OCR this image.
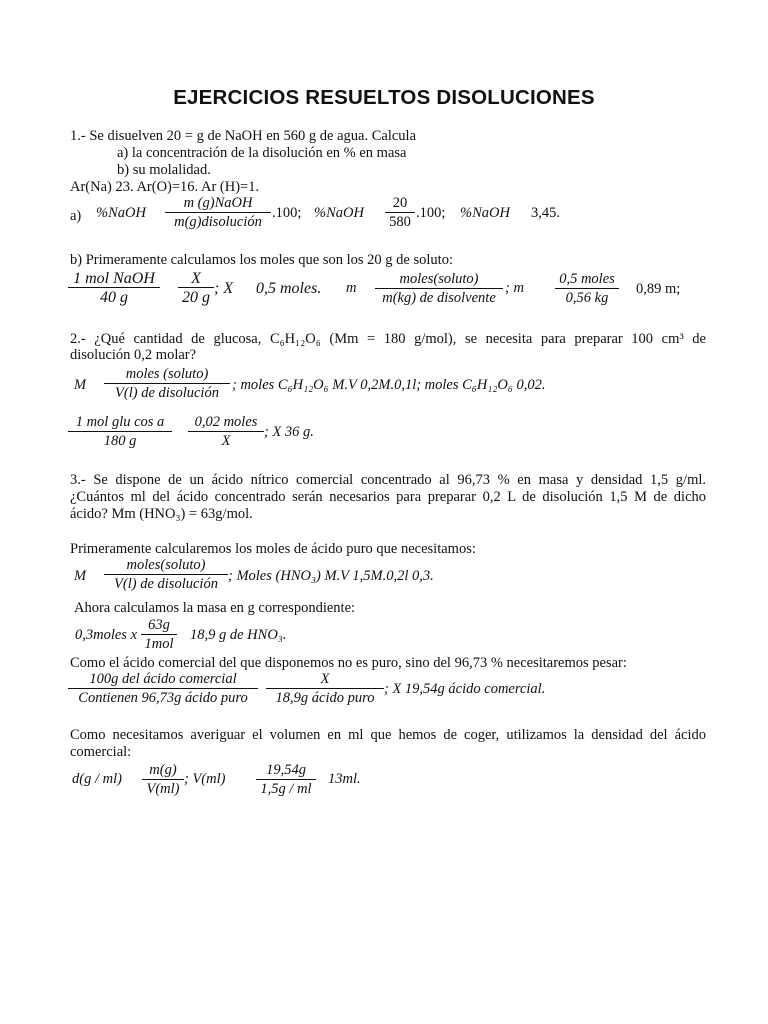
EJERCICIOS RESUELTOS DISOLUCIONES
1.- Se disuelven 20 = g de NaOH en 560 g de agua. Calcula
a) la concentración de la disolución en % en masa
b) su molalidad.
Ar(Na) 23. Ar(O)=16. Ar (H)=1.
a) %NaOH
m (g)NaOH
m(g)disolución
.100; %NaOH
20
580
.100; %NaOH 3,45.
b) Primeramente calculamos los moles que son los 20 g de soluto:
1 mol NaOH
40 g
X
20 g
; X 0,5 moles. m
moles(soluto)
m(kg) de disolvente
; m
0,5 moles
0,56 kg
0,89 m;
2.- ¿Qué cantidad de glucosa, C₆H₁₂O₆ (Mm = 180 g/mol), se necesita para preparar 100 cm³ de
disolución 0,2 molar?
M
moles (soluto)
V(l) de disolución ; moles C₆H₁₂O₆ M.V 0,2M.0,1l; moles C₆H₁₂O₆ 0,02.
1 mol glu cos a
180 g
0,02 moles
X
; X 36 g.
3.- Se dispone de un ácido nítrico comercial concentrado al 96,73 % en masa y densidad 1,5 g/ml.
¿Cuántos ml del ácido concentrado serán necesarios para preparar 0,2 L de disolución 1,5 M de dicho
ácido? Mm (HNO₃) = 63g/mol.
Primeramente calcularemos los moles de ácido puro que necesitamos:
M
moles(soluto)
V(l) de disolución ; Moles (HNO₃) M.V 1,5M.0,2l 0,3.
Ahora calculamos la masa en g correspondiente:
0,3moles x
63g
1mol
18,9 g de HNO₃.
Como el ácido comercial del que disponemos no es puro, sino del 96,73 % necesitaremos pesar:
100g del ácido comercial
Contienen 96,73g ácido puro
X
18,9g ácido puro
; X 19,54g ácido comercial.
Como necesitamos averiguar el volumen en ml que hemos de coger, utilizamos la densidad del ácido
comercial:
d(g / ml)
m(g)
V(ml)
; V(ml)
19,54g
1,5g / ml
13ml.
